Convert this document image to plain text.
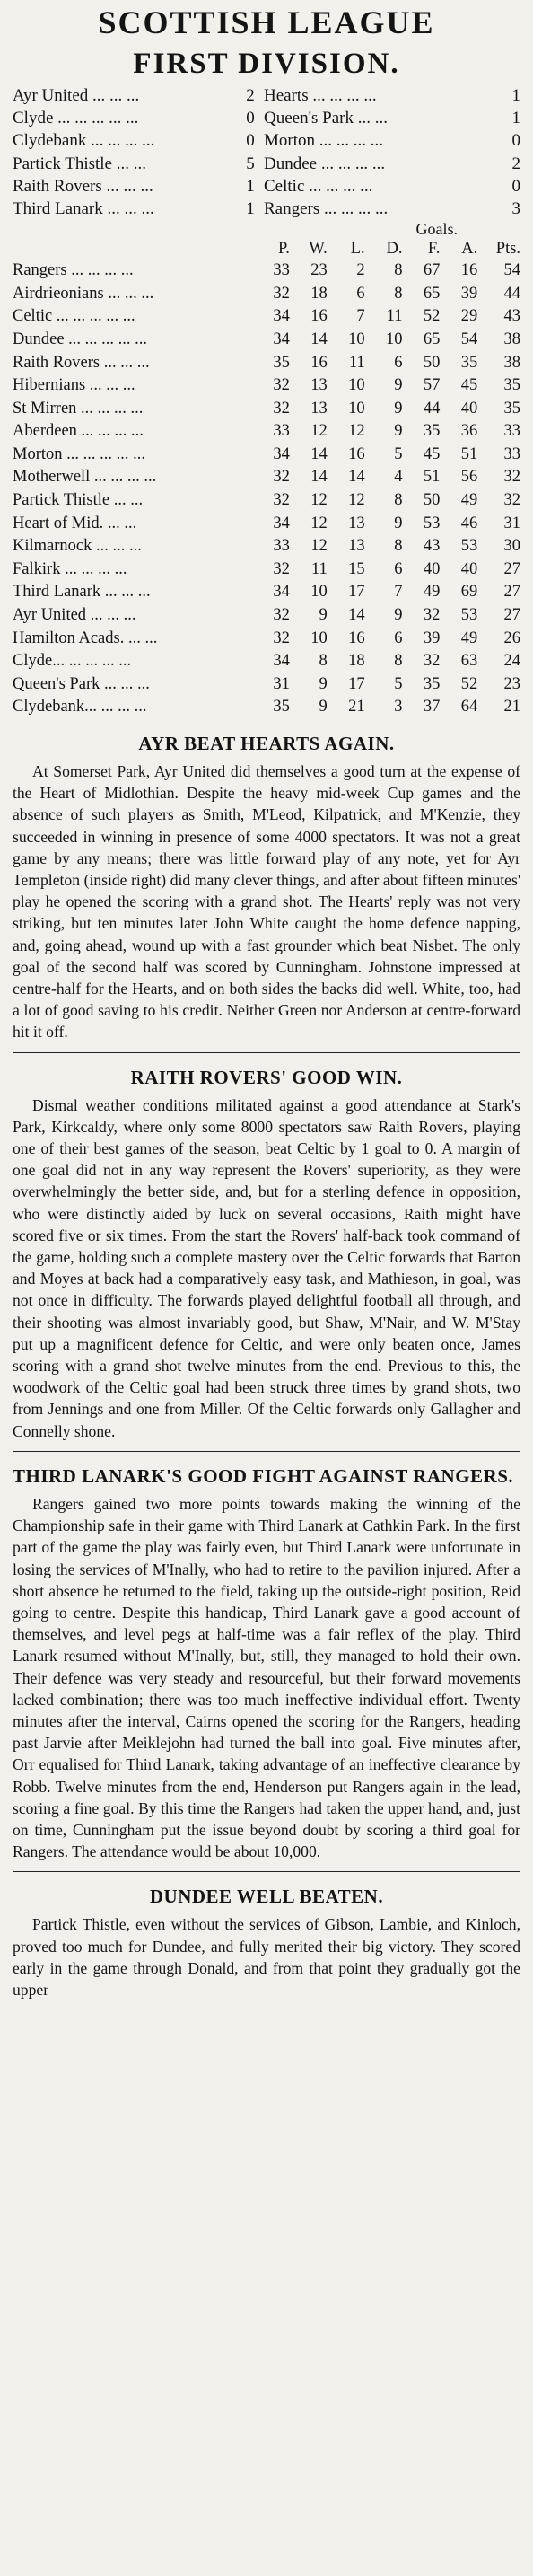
SCOTTISH LEAGUE
FIRST DIVISION.
Ayr United ... ... ...	2 Hearts ... ... ... ...	1
Clyde ... ... ... ... ...	0 Queen's Park ... ...	1
Clydebank ... ... ... ...	0 Morton ... ... ... ...	0
Partick Thistle ... ...	5 Dundee ... ... ... ...	2
Raith Rovers ... ... ...	1 Celtic ... ... ... ...	0
Third Lanark ... ... ...	1 Rangers ... ... ... ...	3
Goals.
P.	W.	L.	D.	F.	A.	Pts.
Rangers ... ... ... ...	33	23	2	8	67	16	54
Airdrieonians ... ... ...	32	18	6	8	65	39	44
Celtic ... ... ... ... ...	34	16	7	11	52	29	43
Dundee ... ... ... ... ...	34	14	10	10	65	54	38
Raith Rovers ... ... ...	35	16	11	6	50	35	38
Hibernians ... ... ...	32	13	10	9	57	45	35
St Mirren ... ... ... ...	32	13	10	9	44	40	35
Aberdeen ... ... ... ...	33	12	12	9	35	36	33
Morton ... ... ... ... ...	34	14	16	5	45	51	33
Motherwell ... ... ... ...	32	14	14	4	51	56	32
Partick Thistle ... ...	32	12	12	8	50	49	32
Heart of Mid. ... ...	34	12	13	9	53	46	31
Kilmarnock ... ... ...	33	12	13	8	43	53	30
Falkirk ... ... ... ...	32	11	15	6	40	40	27
Third Lanark ... ... ...	34	10	17	7	49	69	27
Ayr United ... ... ...	32	9	14	9	32	53	27
Hamilton Acads. ... ...	32	10	16	6	39	49	26
Clyde... ... ... ... ...	34	8	18	8	32	63	24
Queen's Park ... ... ...	31	9	17	5	35	52	23
Clydebank... ... ... ...	35	9	21	3	37	64	21
AYR BEAT HEARTS AGAIN.

At Somerset Park, Ayr United did themselves a good turn at the expense of the Heart of Midlothian. Despite the heavy mid-week Cup games and the absence of such players as Smith, M'Leod, Kilpatrick, and M'Kenzie, they succeeded in winning in presence of some 4000 spectators. It was not a great game by any means; there was little forward play of any note, yet for Ayr Templeton (inside right) did many clever things, and after about fifteen minutes' play he opened the scoring with a grand shot. The Hearts' reply was not very striking, but ten minutes later John White caught the home defence napping, and, going ahead, wound up with a fast grounder which beat Nisbet. The only goal of the second half was scored by Cunningham. Johnstone impressed at centre-half for the Hearts, and on both sides the backs did well. White, too, had a lot of good saving to his credit. Neither Green nor Anderson at centre-forward hit it off.

RAITH ROVERS' GOOD WIN.

Dismal weather conditions militated against a good attendance at Stark's Park, Kirkcaldy, where only some 8000 spectators saw Raith Rovers, playing one of their best games of the season, beat Celtic by 1 goal to 0. A margin of one goal did not in any way represent the Rovers' superiority, as they were overwhelmingly the better side, and, but for a sterling defence in opposition, who were distinctly aided by luck on several occasions, Raith might have scored five or six times. From the start the Rovers' half-back took command of the game, holding such a complete mastery over the Celtic forwards that Barton and Moyes at back had a comparatively easy task, and Mathieson, in goal, was not once in difficulty. The forwards played delightful football all through, and their shooting was almost invariably good, but Shaw, M'Nair, and W. M'Stay put up a magnificent defence for Celtic, and were only beaten once, James scoring with a grand shot twelve minutes from the end. Previous to this, the woodwork of the Celtic goal had been struck three times by grand shots, two from Jennings and one from Miller. Of the Celtic forwards only Gallagher and Connelly shone.

THIRD LANARK'S GOOD FIGHT AGAINST RANGERS.

Rangers gained two more points towards making the winning of the Championship safe in their game with Third Lanark at Cathkin Park. In the first part of the game the play was fairly even, but Third Lanark were unfortunate in losing the services of M'Inally, who had to retire to the pavilion injured. After a short absence he returned to the field, taking up the outside-right position, Reid going to centre. Despite this handicap, Third Lanark gave a good account of themselves, and level pegs at half-time was a fair reflex of the play. Third Lanark resumed without M'Inally, but, still, they managed to hold their own. Their defence was very steady and resourceful, but their forward movements lacked combination; there was too much ineffective individual effort. Twenty minutes after the interval, Cairns opened the scoring for the Rangers, heading past Jarvie after Meiklejohn had turned the ball into goal. Five minutes after, Orr equalised for Third Lanark, taking advantage of an ineffective clearance by Robb. Twelve minutes from the end, Henderson put Rangers again in the lead, scoring a fine goal. By this time the Rangers had taken the upper hand, and, just on time, Cunningham put the issue beyond doubt by scoring a third goal for Rangers. The attendance would be about 10,000.

DUNDEE WELL BEATEN.

Partick Thistle, even without the services of Gibson, Lambie, and Kinloch, proved too much for Dundee, and fully merited their big victory. They scored early in the game through Donald, and from that point they gradually got the upper
